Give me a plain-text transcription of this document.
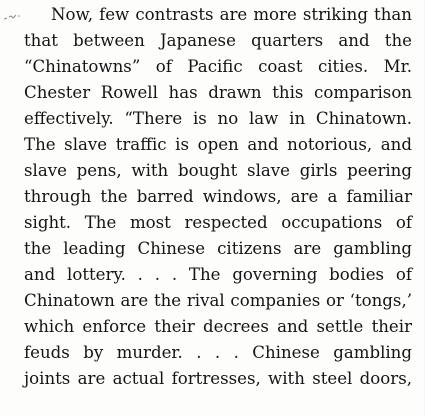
Now, few contrasts are more striking than
that between Japanese quarters and the
“Chinatowns” of Pacific coast cities. Mr.
Chester Rowell has drawn this comparison
effectively. “There is no law in Chinatown.
The slave traffic is open and notorious, and
slave pens, with bought slave girls peering
through the barred windows, are a familiar
sight. The most respected occupations of
the leading Chinese citizens are gambling
and lottery. . . . The governing bodies of
Chinatown are the rival companies or ‘tongs,’
which enforce their decrees and settle their
feuds by murder. . . . Chinese gambling
joints are actual fortresses, with steel doors,
